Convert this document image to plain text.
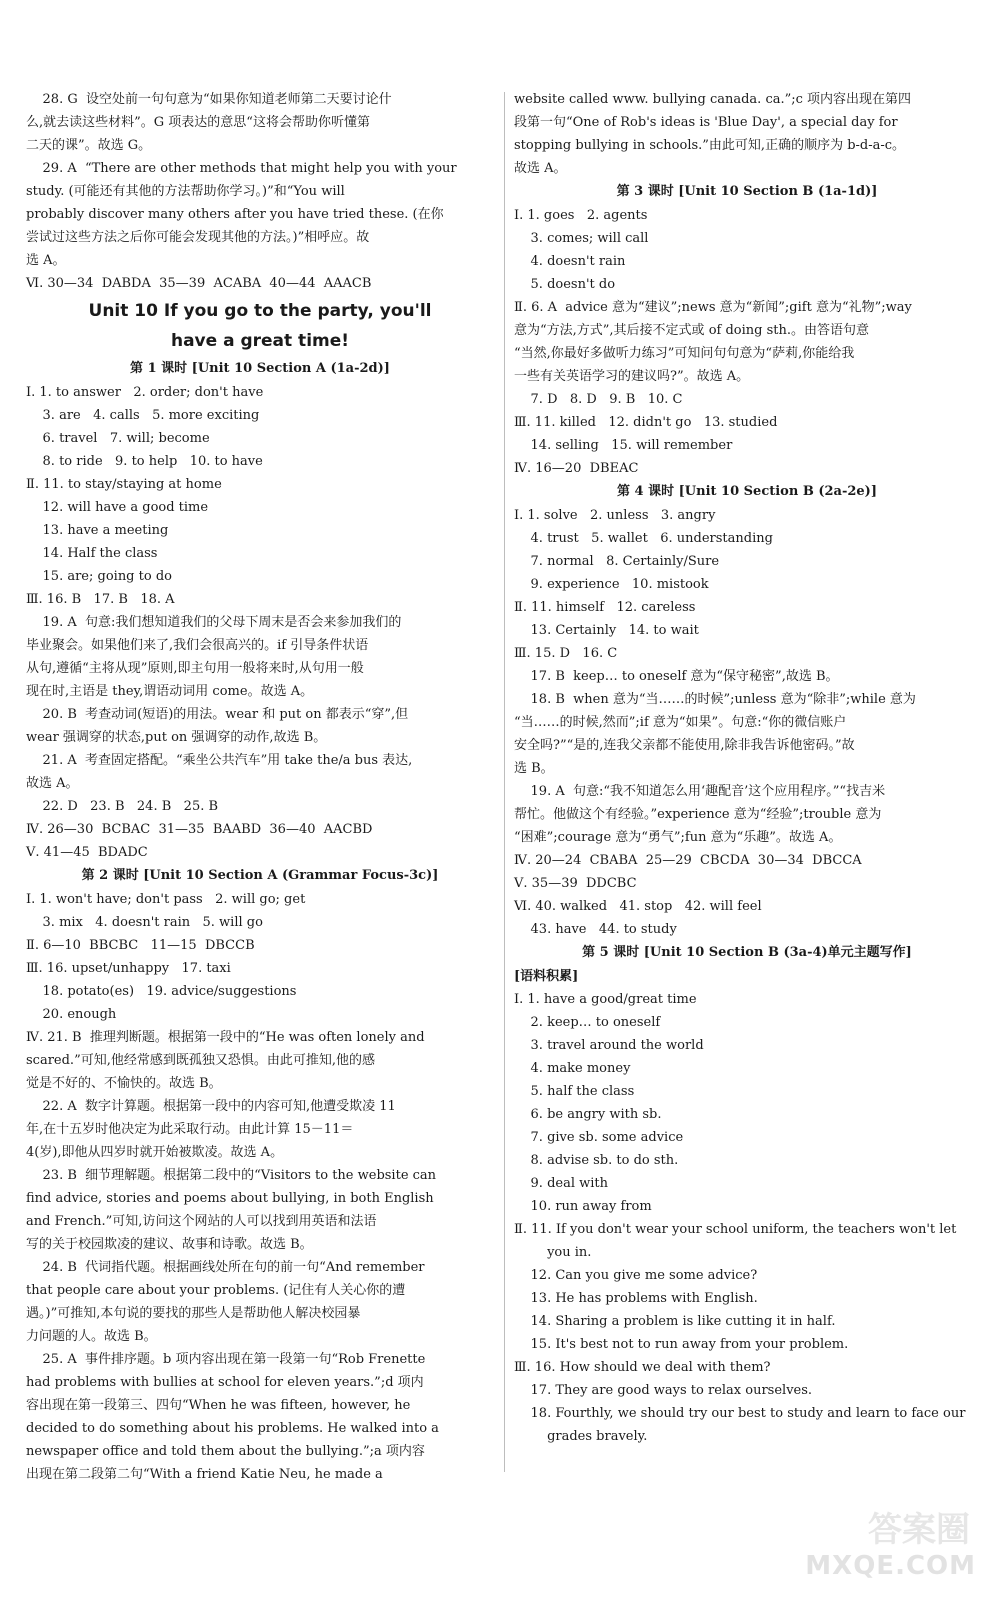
28. G  设空处前一句句意为“如果你知道老师第二天要讨论什
么,就去读这些材料”。G 项表达的意思“这将会帮助你听懂第
二天的课”。故选 G。
29. A  “There are other methods that might help you with your
study. (可能还有其他的方法帮助你学习。)”和“You will
probably discover many others after you have tried these. (在你
尝试过这些方法之后你可能会发现其他的方法。)”相呼应。故
选 A。
Ⅵ. 30—34  DABDA  35—39  ACABA  40—44  AAACB
Unit 10 If you go to the party, you'll
have a great time!
第 1 课时 [Unit 10 Section A (1a-2d)]
Ⅰ. 1. to answer   2. order; don't have
3. are   4. calls   5. more exciting
6. travel   7. will; become
8. to ride   9. to help   10. to have
Ⅱ. 11. to stay/staying at home
12. will have a good time
13. have a meeting
14. Half the class
15. are; going to do
Ⅲ. 16. B   17. B   18. A
19. A  句意:我们想知道我们的父母下周末是否会来参加我们的
毕业聚会。如果他们来了,我们会很高兴的。if 引导条件状语
从句,遵循“主将从现”原则,即主句用一般将来时,从句用一般
现在时,主语是 they,谓语动词用 come。故选 A。
20. B  考查动词(短语)的用法。wear 和 put on 都表示“穿”,但
wear 强调穿的状态,put on 强调穿的动作,故选 B。
21. A  考查固定搭配。“乘坐公共汽车”用 take the/a bus 表达,
故选 A。
22. D   23. B   24. B   25. B
Ⅳ. 26—30  BCBAC  31—35  BAABD  36—40  AACBD
Ⅴ. 41—45  BDADC
第 2 课时 [Unit 10 Section A (Grammar Focus-3c)]
Ⅰ. 1. won't have; don't pass   2. will go; get
3. mix   4. doesn't rain   5. will go
Ⅱ. 6—10  BBCBC   11—15  DBCCB
Ⅲ. 16. upset/unhappy   17. taxi
18. potato(es)   19. advice/suggestions
20. enough
Ⅳ. 21. B  推理判断题。根据第一段中的“He was often lonely and
scared.”可知,他经常感到既孤独又恐惧。由此可推知,他的感
觉是不好的、不愉快的。故选 B。
22. A  数字计算题。根据第一段中的内容可知,他遭受欺凌 11
年,在十五岁时他决定为此采取行动。由此计算 15－11＝
4(岁),即他从四岁时就开始被欺凌。故选 A。
23. B  细节理解题。根据第二段中的“Visitors to the website can
find advice, stories and poems about bullying, in both English
and French.”可知,访问这个网站的人可以找到用英语和法语
写的关于校园欺凌的建议、故事和诗歌。故选 B。
24. B  代词指代题。根据画线处所在句的前一句“And remember
that people care about your problems. (记住有人关心你的遭
遇。)”可推知,本句说的要找的那些人是帮助他人解决校园暴
力问题的人。故选 B。
25. A  事件排序题。b 项内容出现在第一段第一句“Rob Frenette
had problems with bullies at school for eleven years.”;d 项内
容出现在第一段第三、四句“When he was fifteen, however, he
decided to do something about his problems. He walked into a
newspaper office and told them about the bullying.”;a 项内容
出现在第二段第二句“With a friend Katie Neu, he made a
website called www. bullying canada. ca.”;c 项内容出现在第四
段第一句“One of Rob's ideas is 'Blue Day', a special day for
stopping bullying in schools.”由此可知,正确的顺序为 b-d-a-c。
故选 A。
第 3 课时 [Unit 10 Section B (1a-1d)]
Ⅰ. 1. goes   2. agents
3. comes; will call
4. doesn't rain
5. doesn't do
Ⅱ. 6. A  advice 意为“建议”;news 意为“新闻”;gift 意为“礼物”;way
意为“方法,方式”,其后接不定式或 of doing sth.。由答语句意
“当然,你最好多做听力练习”可知问句句意为“萨莉,你能给我
一些有关英语学习的建议吗?”。故选 A。
7. D   8. D   9. B   10. C
Ⅲ. 11. killed   12. didn't go   13. studied
14. selling   15. will remember
Ⅳ. 16—20  DBEAC
第 4 课时 [Unit 10 Section B (2a-2e)]
Ⅰ. 1. solve   2. unless   3. angry
4. trust   5. wallet   6. understanding
7. normal   8. Certainly/Sure
9. experience   10. mistook
Ⅱ. 11. himself   12. careless
13. Certainly   14. to wait
Ⅲ. 15. D   16. C
17. B  keep… to oneself 意为“保守秘密”,故选 B。
18. B  when 意为“当……的时候”;unless 意为“除非”;while 意为
“当……的时候,然而”;if 意为“如果”。句意:“你的微信账户
安全吗?”“是的,连我父亲都不能使用,除非我告诉他密码。”故
选 B。
19. A  句意:“我不知道怎么用‘趣配音’这个应用程序。”“找吉米
帮忙。他做这个有经验。”experience 意为“经验”;trouble 意为
“困难”;courage 意为“勇气”;fun 意为“乐趣”。故选 A。
Ⅳ. 20—24  CBABA  25—29  CBCDA  30—34  DBCCA
Ⅴ. 35—39  DDCBC
Ⅵ. 40. walked   41. stop   42. will feel
43. have   44. to study
第 5 课时 [Unit 10 Section B (3a-4)单元主题写作]
[语料积累]
Ⅰ. 1. have a good/great time
2. keep… to oneself
3. travel around the world
4. make money
5. half the class
6. be angry with sb.
7. give sb. some advice
8. advise sb. to do sth.
9. deal with
10. run away from
Ⅱ. 11. If you don't wear your school uniform, the teachers won't let
you in.
12. Can you give me some advice?
13. He has problems with English.
14. Sharing a problem is like cutting it in half.
15. It's best not to run away from your problem.
Ⅲ. 16. How should we deal with them?
17. They are good ways to relax ourselves.
18. Fourthly, we should try our best to study and learn to face our
grades bravely.
答案圈
MXQE.COM
